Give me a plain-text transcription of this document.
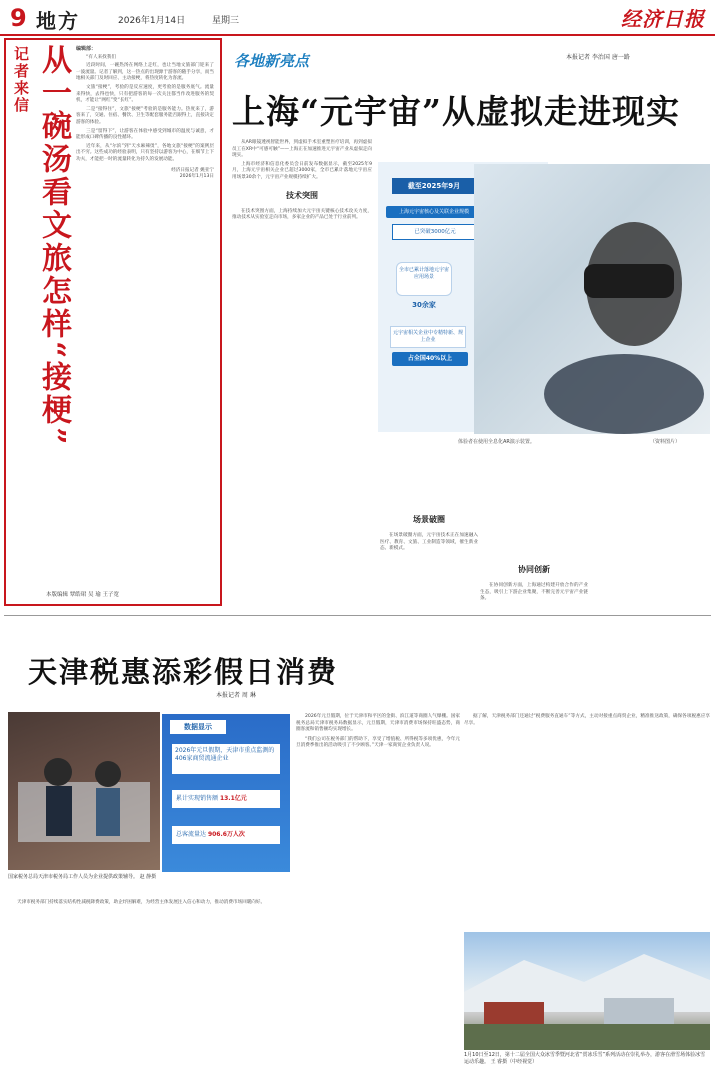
9 地方	2026年1月14日	星期三	经济日报
记者来信 从一碗汤看文旅怎样“接梗” 编辑部：

“有人来找我们

近段时间，一碗热汤在网络上走红，也让当地文旅部门迎来了一波流量。记者了解到，这一热点的出现源于游客的随手分享，而当地相关部门及时回应、主动接梗，将热度转化为客流。

文旅“接梗”，考验的是反应速度，更考验的是服务底气。流量来得快，去得也快，只有把游客的每一次关注都当作改进服务的契机，才能让“网红”变“长红”。

二是“接得住”，文旅“接梗”考验的是服务能力。热度来了，游客来了，交通、住宿、餐饮、卫生等配套服务能否跟得上，直接决定游客的体验。

三是“留得下”，让游客在体验中感受到城市的温度与诚意，才能形成口碑传播的良性循环。

近年来，从“尔滨”到“天水麻辣烫”，各地文旅“接梗”的案例层出不穷。这些成功的经验表明，只有坚持以游客为中心，在细节上下功夫，才能把一时的流量转化为持久的发展动能。

经济日报记者 姚亚宁
2026年1月13日
本版编辑 覃皓珺 吴 瑜 王子宽
各地新亮点	本报记者 李治国 唐一路
上海“元宇宙”从虚拟走进现实

从AR眼镜透视智能世界，到虚拟手术室重塑医疗培训，再到虚拟员工在XR中“可感可触”——上海正在加速推进元宇宙产业从虚拟走向现实。

上海市经济和信息化委员会日前发布数据显示，截至2025年9月，上海元宇宙相关企业已超过3000家，全市已累计落地元宇宙应用场景30余个，元宇宙产业规模持续扩大。

技术突围

在技术突围方面，上海持续加大元宇宙关键核心技术攻关力度，推动技术从实验室走向市场，多家企业的产品已处于行业前列。

场景破圈

在场景破圈方面，元宇宙技术正在加速融入医疗、教育、文旅、工业制造等领域，催生新业态、新模式。

协同创新

在协同创新方面，上海通过构建开放合作的产业生态，吸引上下游企业集聚，不断完善元宇宙产业链条。

截至2025年9月
上海元宇宙核心及关联企业规模
已突破3000亿元
全市已累计落地元宇宙应用场景
30余家
元宇宙相关企业中专精特新、规上企业
占全国40%以上
体验者在使用全息化AR演示装置。	（资料图片）
天津税惠添彩假日消费
本报记者 周 琳
国家税务总局天津市税务局工作人员为企业提供政策辅导。 赵 静摄
数据显示
2026年元旦假期，天津市重点监测的406家商贸流通企业
累计实现销售额 13.1亿元
总客流量达 906.6万人次

2026年元旦假期，位于天津市和平区的金街、滨江道等商圈人气爆棚。国家税务总局天津市税务局数据显示，元旦假期，天津市消费市场保持旺盛态势，商圈客流和销售额均实现增长。

“我们公司在税务部门的帮助下，享受了增值税、所得税等多项优惠，今年元旦消费季推出的活动吸引了不少顾客。”天津一家商贸企业负责人说。

天津市税务部门持续落实结构性减税降费政策，助企纾困解难，为经营主体发展注入信心和动力，推动消费市场回暖向好。

据了解，天津税务部门还通过“税费服务直通车”等方式，主动对接重点商贸企业，精准推送政策，确保各项税惠应享尽享。

1月10日至12日，第十二届全国大众冰雪季暨河北省“赏冰乐雪”系列活动在崇礼举办，游客在滑雪场体验冰雪运动乐趣。 王 睿摄（中经视觉）
